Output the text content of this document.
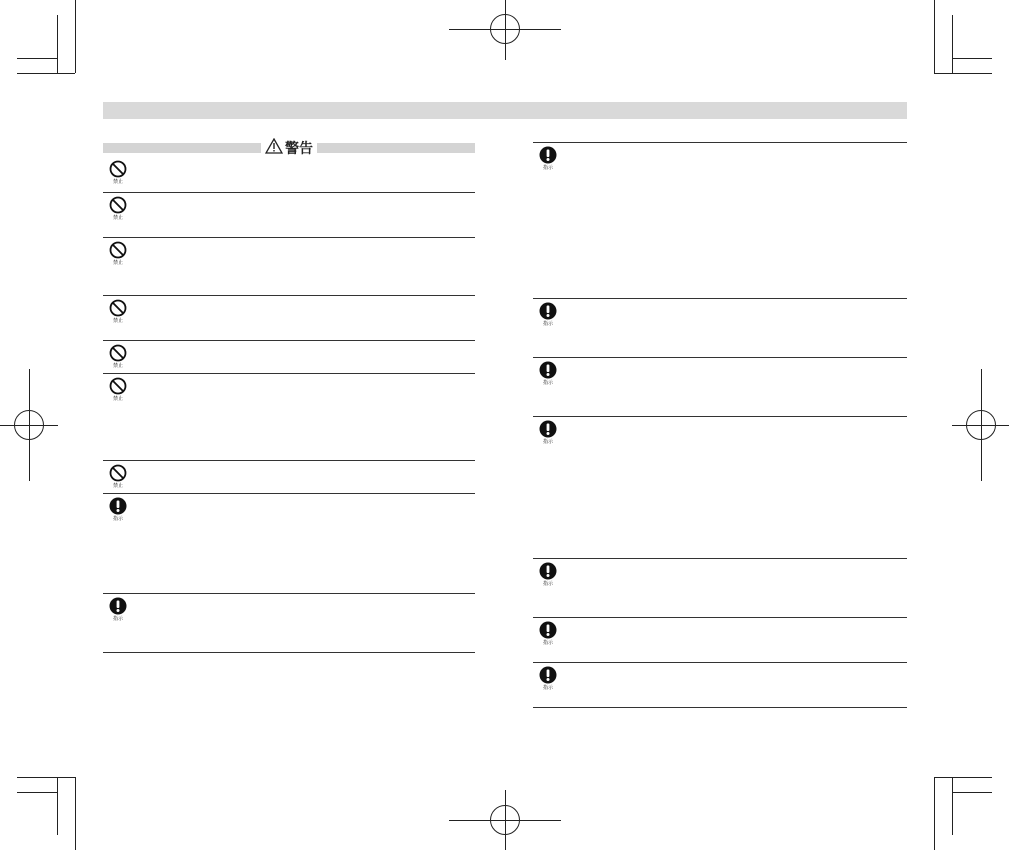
警告
禁止
禁止
禁止
禁止
禁止
禁止
禁止
指示
指示
指示
指示
指示
指示
指示
指示
指示
